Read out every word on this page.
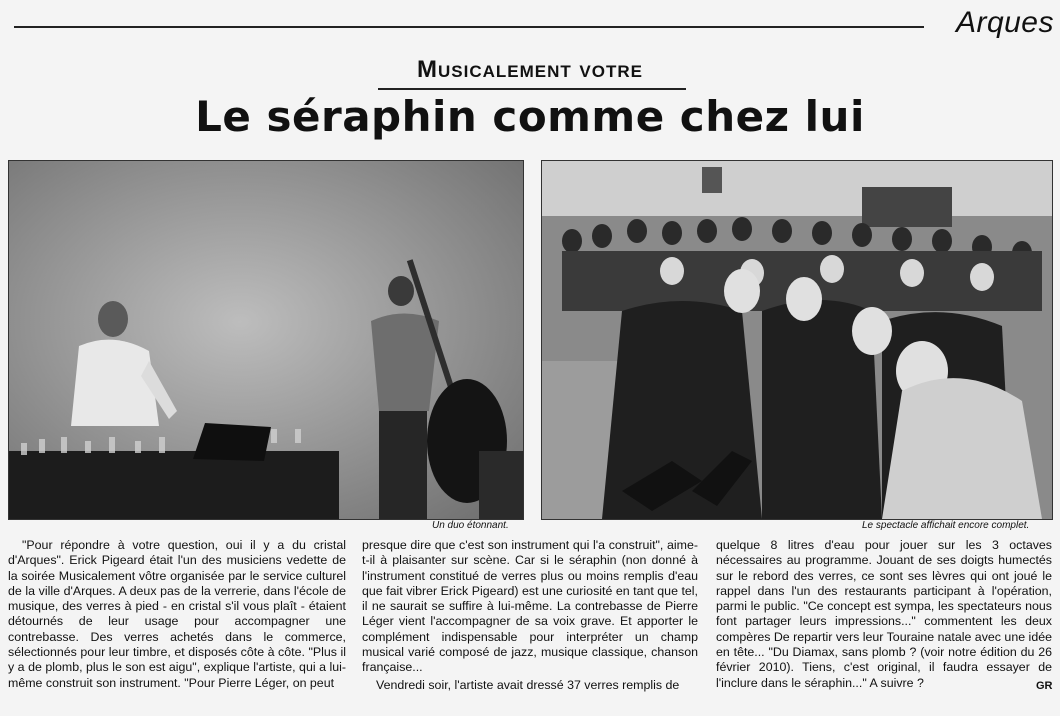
Arques
Musicalement votre
Le séraphin comme chez lui
Un duo étonnant.	Le spectacle affichait encore complet.

"Pour répondre à votre question, oui il y a du cristal d'Arques". Erick Pigeard était l'un des musiciens vedette de la soirée Musicalement vôtre organisée par le service culturel de la ville d'Arques. A deux pas de la verrerie, dans l'école de musique, des verres à pied - en cristal s'il vous plaît - étaient détournés de leur usage pour accompagner une contrebasse. Des verres achetés dans le commerce, sélectionnés pour leur timbre, et disposés côte à côte. "Plus il y a de plomb, plus le son est aigu", explique l'artiste, qui a lui-même construit son instrument. "Pour Pierre Léger, on peut

presque dire que c'est son instrument qui l'a construit", aime-t-il à plaisanter sur scène. Car si le séraphin (non donné à l'instrument constitué de verres plus ou moins remplis d'eau que fait vibrer Erick Pigeard) est une curiosité en tant que tel, il ne saurait se suffire à lui-même. La contrebasse de Pierre Léger vient l'accompagner de sa voix grave. Et apporter le complément indispensable pour interpréter un champ musical varié composé de jazz, musique classique, chanson française...

Vendredi soir, l'artiste avait dressé 37 verres remplis de

quelque 8 litres d'eau pour jouer sur les 3 octaves nécessaires au programme. Jouant de ses doigts humectés sur le rebord des verres, ce sont ses lèvres qui ont joué le rappel dans l'un des restaurants participant à l'opération, parmi le public. "Ce concept est sympa, les spectateurs nous font partager leurs impressions..." commentent les deux compères De repartir vers leur Touraine natale avec une idée en tête... "Du Diamax, sans plomb ? (voir notre édition du 26 février 2010). Tiens, c'est original, il faudra essayer de l'inclure dans le séraphin..." A suivre ?	GR
